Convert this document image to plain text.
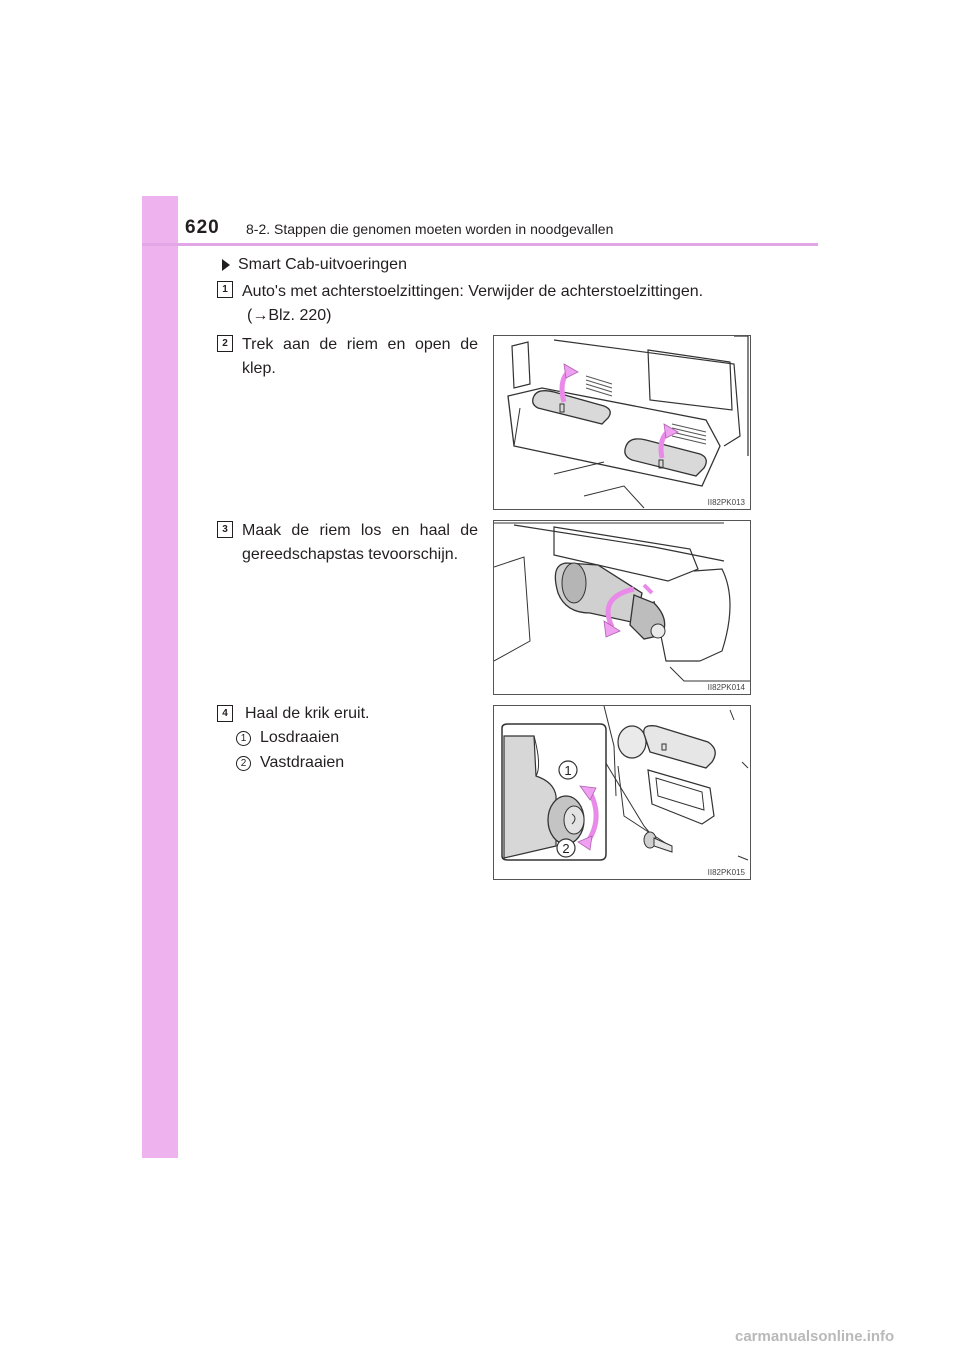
620 8-2. Stappen die genomen moeten worden in noodgevallen
Smart Cab-uitvoeringen
1 Auto's met achterstoelzittingen: Verwijder de achterstoelzittingen.
(→Blz. 220)
2 Trek aan de riem en open de klep.
II82PK013
3 Maak de riem los en haal de gereedschapstas tevoorschijn.
II82PK014
4	Haal de krik eruit.
1 Losdraaien
2 Vastdraaien	1
2
II82PK015
carmanualsonline.info
